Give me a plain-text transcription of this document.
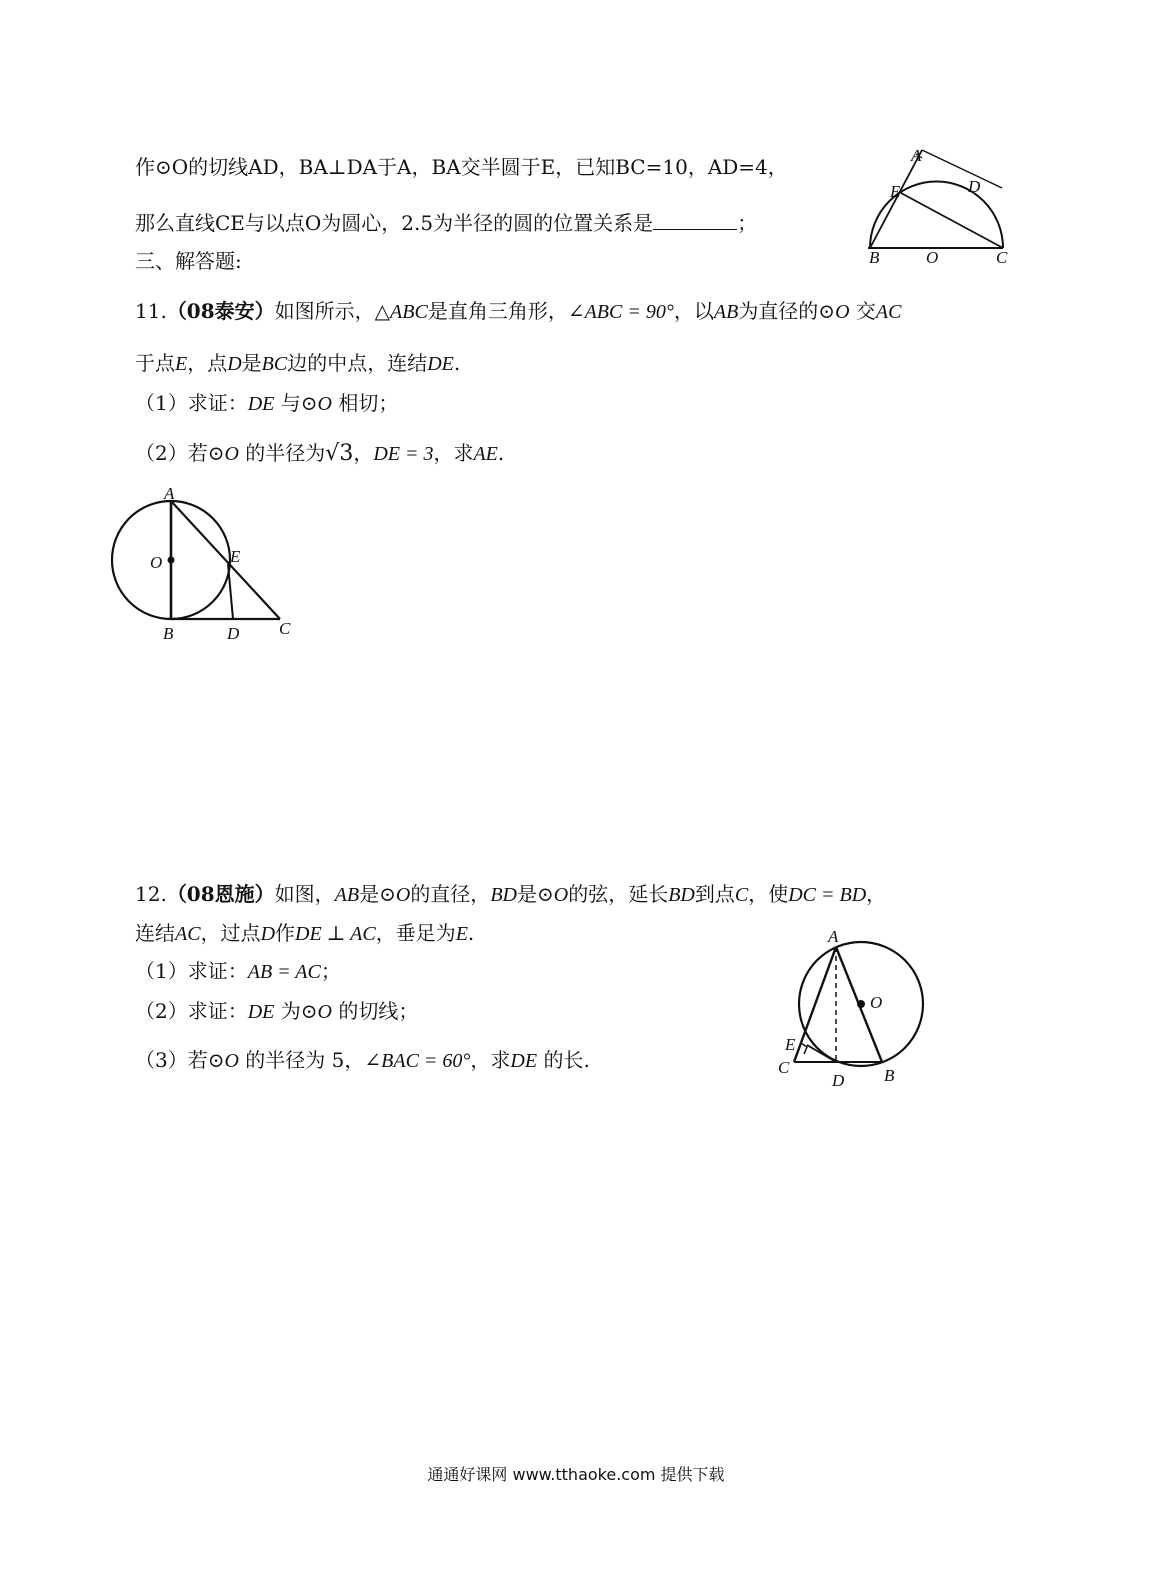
作⊙O的切线AD，BA⊥DA于A，BA交半圆于E，已知BC=10，AD=4，
那么直线CE与以点O为圆心，2.5为半径的圆的位置关系是	；
三、解答题:
A
D
E
B	O	C
11.（08泰安）如图所示，△ABC是直角三角形，∠ABC = 90°，以AB为直径的⊙O 交AC
于点E，点D是BC边的中点，连结DE.
（1）求证：DE 与⊙O 相切；
（2）若⊙O 的半径为√3，DE = 3，求AE.
A
O	E
B	D C
12.（08恩施）如图，AB是⊙O的直径，BD是⊙O的弦，延长BD到点C，使DC = BD，
连结AC，过点D作DE ⊥ AC，垂足为E.
（1）求证：AB = AC；
（2）求证：DE 为⊙O 的切线；
（3）若⊙O 的半径为 5，∠BAC = 60°，求DE 的长.
A
O
E
C
D B
通通好课网 www.tthaoke.com 提供下载
